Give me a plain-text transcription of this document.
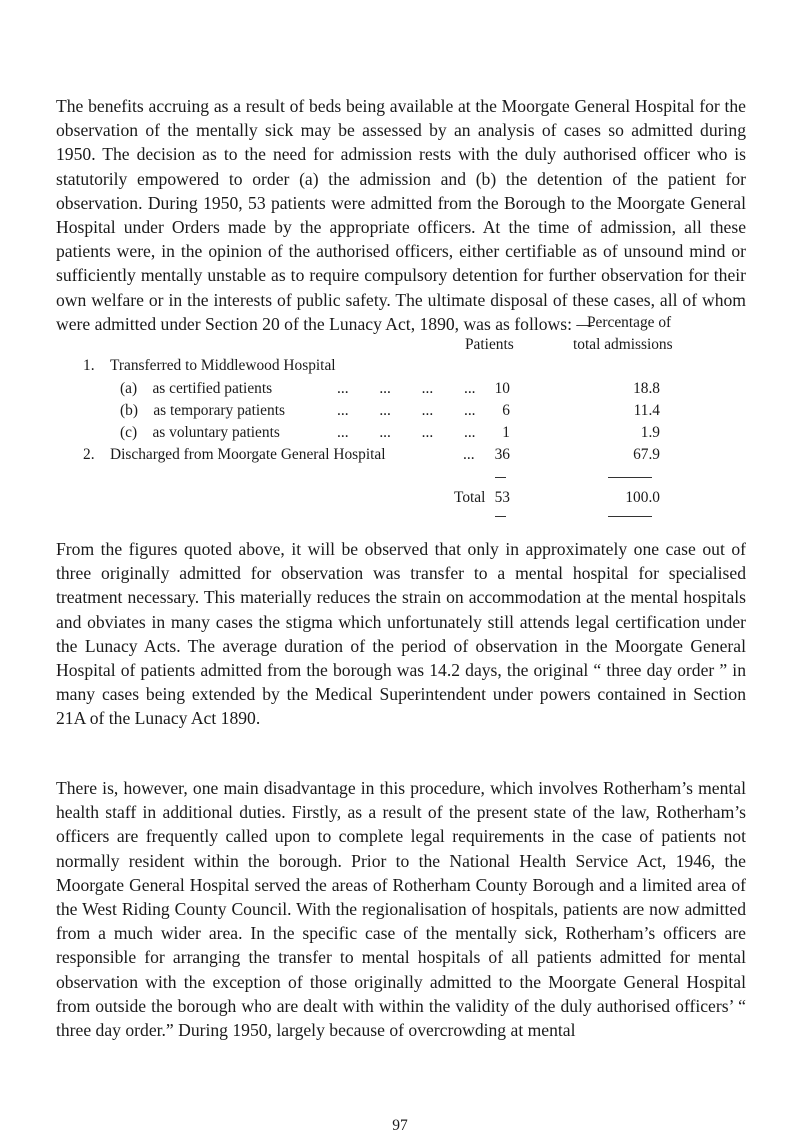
The benefits accruing as a result of beds being available at the Moorgate General Hospital for the observation of the mentally sick may be assessed by an analysis of cases so admitted during 1950. The decision as to the need for admission rests with the duly authorised officer who is statutorily empowered to order (a) the admission and (b) the detention of the patient for observation. During 1950, 53 patients were admitted from the Borough to the Moorgate General Hospital under Orders made by the appropriate officers. At the time of admission, all these patients were, in the opinion of the authorised officers, either certifiable as of unsound mind or sufficiently mentally unstable as to require compulsory detention for further observation for their own welfare or in the interests of public safety. The ultimate disposal of these cases, all of whom were admitted under Section 20 of the Lunacy Act, 1890, was as follows: —

Percentage of
Patients	total admissions
1. Transferred to Middlewood Hospital
(a) as certified patients	...  ...  ...  ...	10	18.8
(b) as temporary patients	...  ...  ...  ...	6	11.4
(c) as voluntary patients	...  ...  ...  ...	1	1.9
2. Discharged from Moorgate General Hospital	...	36	67.9
Total 53	100.0

From the figures quoted above, it will be observed that only in approximately one case out of three originally admitted for observation was transfer to a mental hospital for specialised treatment necessary. This materially reduces the strain on accommodation at the mental hospitals and obviates in many cases the stigma which unfortunately still attends legal certification under the Lunacy Acts. The average duration of the period of observation in the Moorgate General Hospital of patients admitted from the borough was 14.2 days, the original “ three day order ” in many cases being extended by the Medical Superintendent under powers contained in Section 21A of the Lunacy Act 1890.

There is, however, one main disadvantage in this procedure, which involves Rotherham’s mental health staff in additional duties. Firstly, as a result of the present state of the law, Rotherham’s officers are frequently called upon to complete legal requirements in the case of patients not normally resident within the borough. Prior to the National Health Service Act, 1946, the Moorgate General Hospital served the areas of Rotherham County Borough and a limited area of the West Riding County Council. With the regionalisation of hospitals, patients are now admitted from a much wider area. In the specific case of the mentally sick, Rotherham’s officers are responsible for arranging the transfer to mental hospitals of all patients admitted for mental observation with the exception of those originally admitted to the Moorgate General Hospital from outside the borough who are dealt with within the validity of the duly authorised officers’ “ three day order.” During 1950, largely because of overcrowding at mental

97
